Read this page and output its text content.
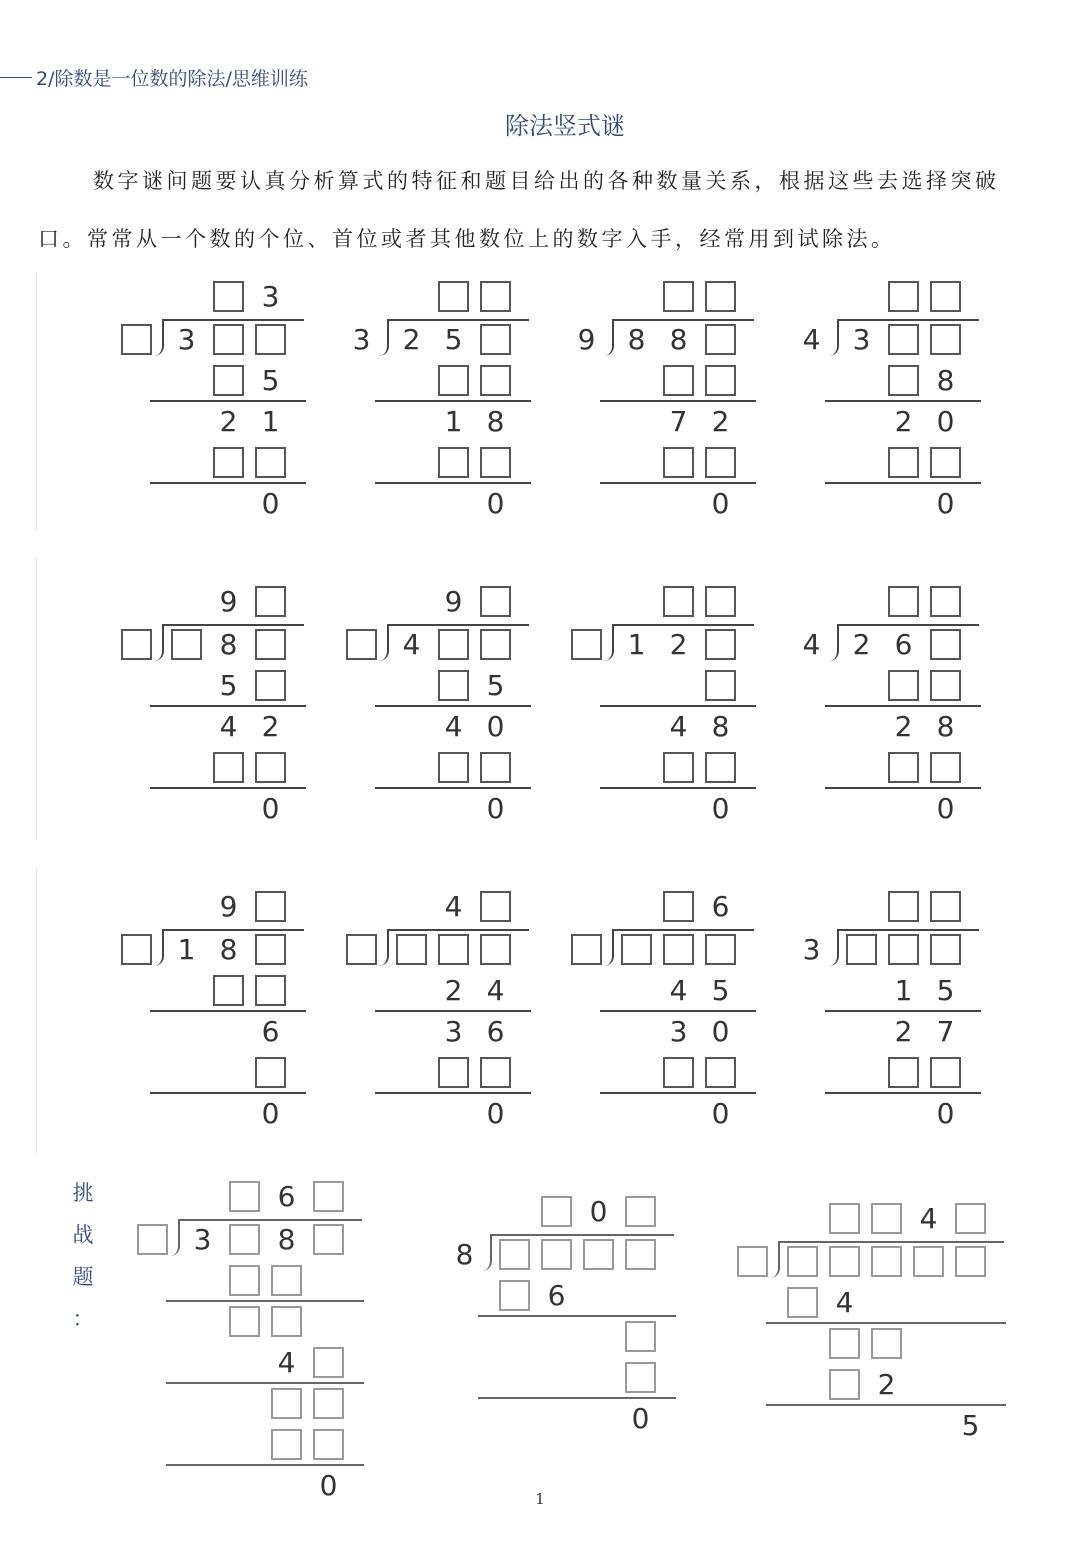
2/除数是一位数的除法/思维训练
除法竖式谜
数字谜问题要认真分析算式的特征和题目给出的各种数量关系，根据这些去选择突破口。常常从一个数的个位、首位或者其他数位上的数字入手，经常用到试除法。
3
3
5
2 1
0
3 2 5
1 8
0
9 8 8
7 2
0
4 3
8
2 0
0
9
8
5
4 2
0
9
4
5
4 0
0
1 2
4 8
0
4 2 6
2 8
0
9
1 8
6
0
4
2 4
3 6
0
6
4 5
3 0
0
3
1 5
2 7
0
挑
战
题
：
6
3 8
4
0
0
8
6
0
4
4
2
5
1
